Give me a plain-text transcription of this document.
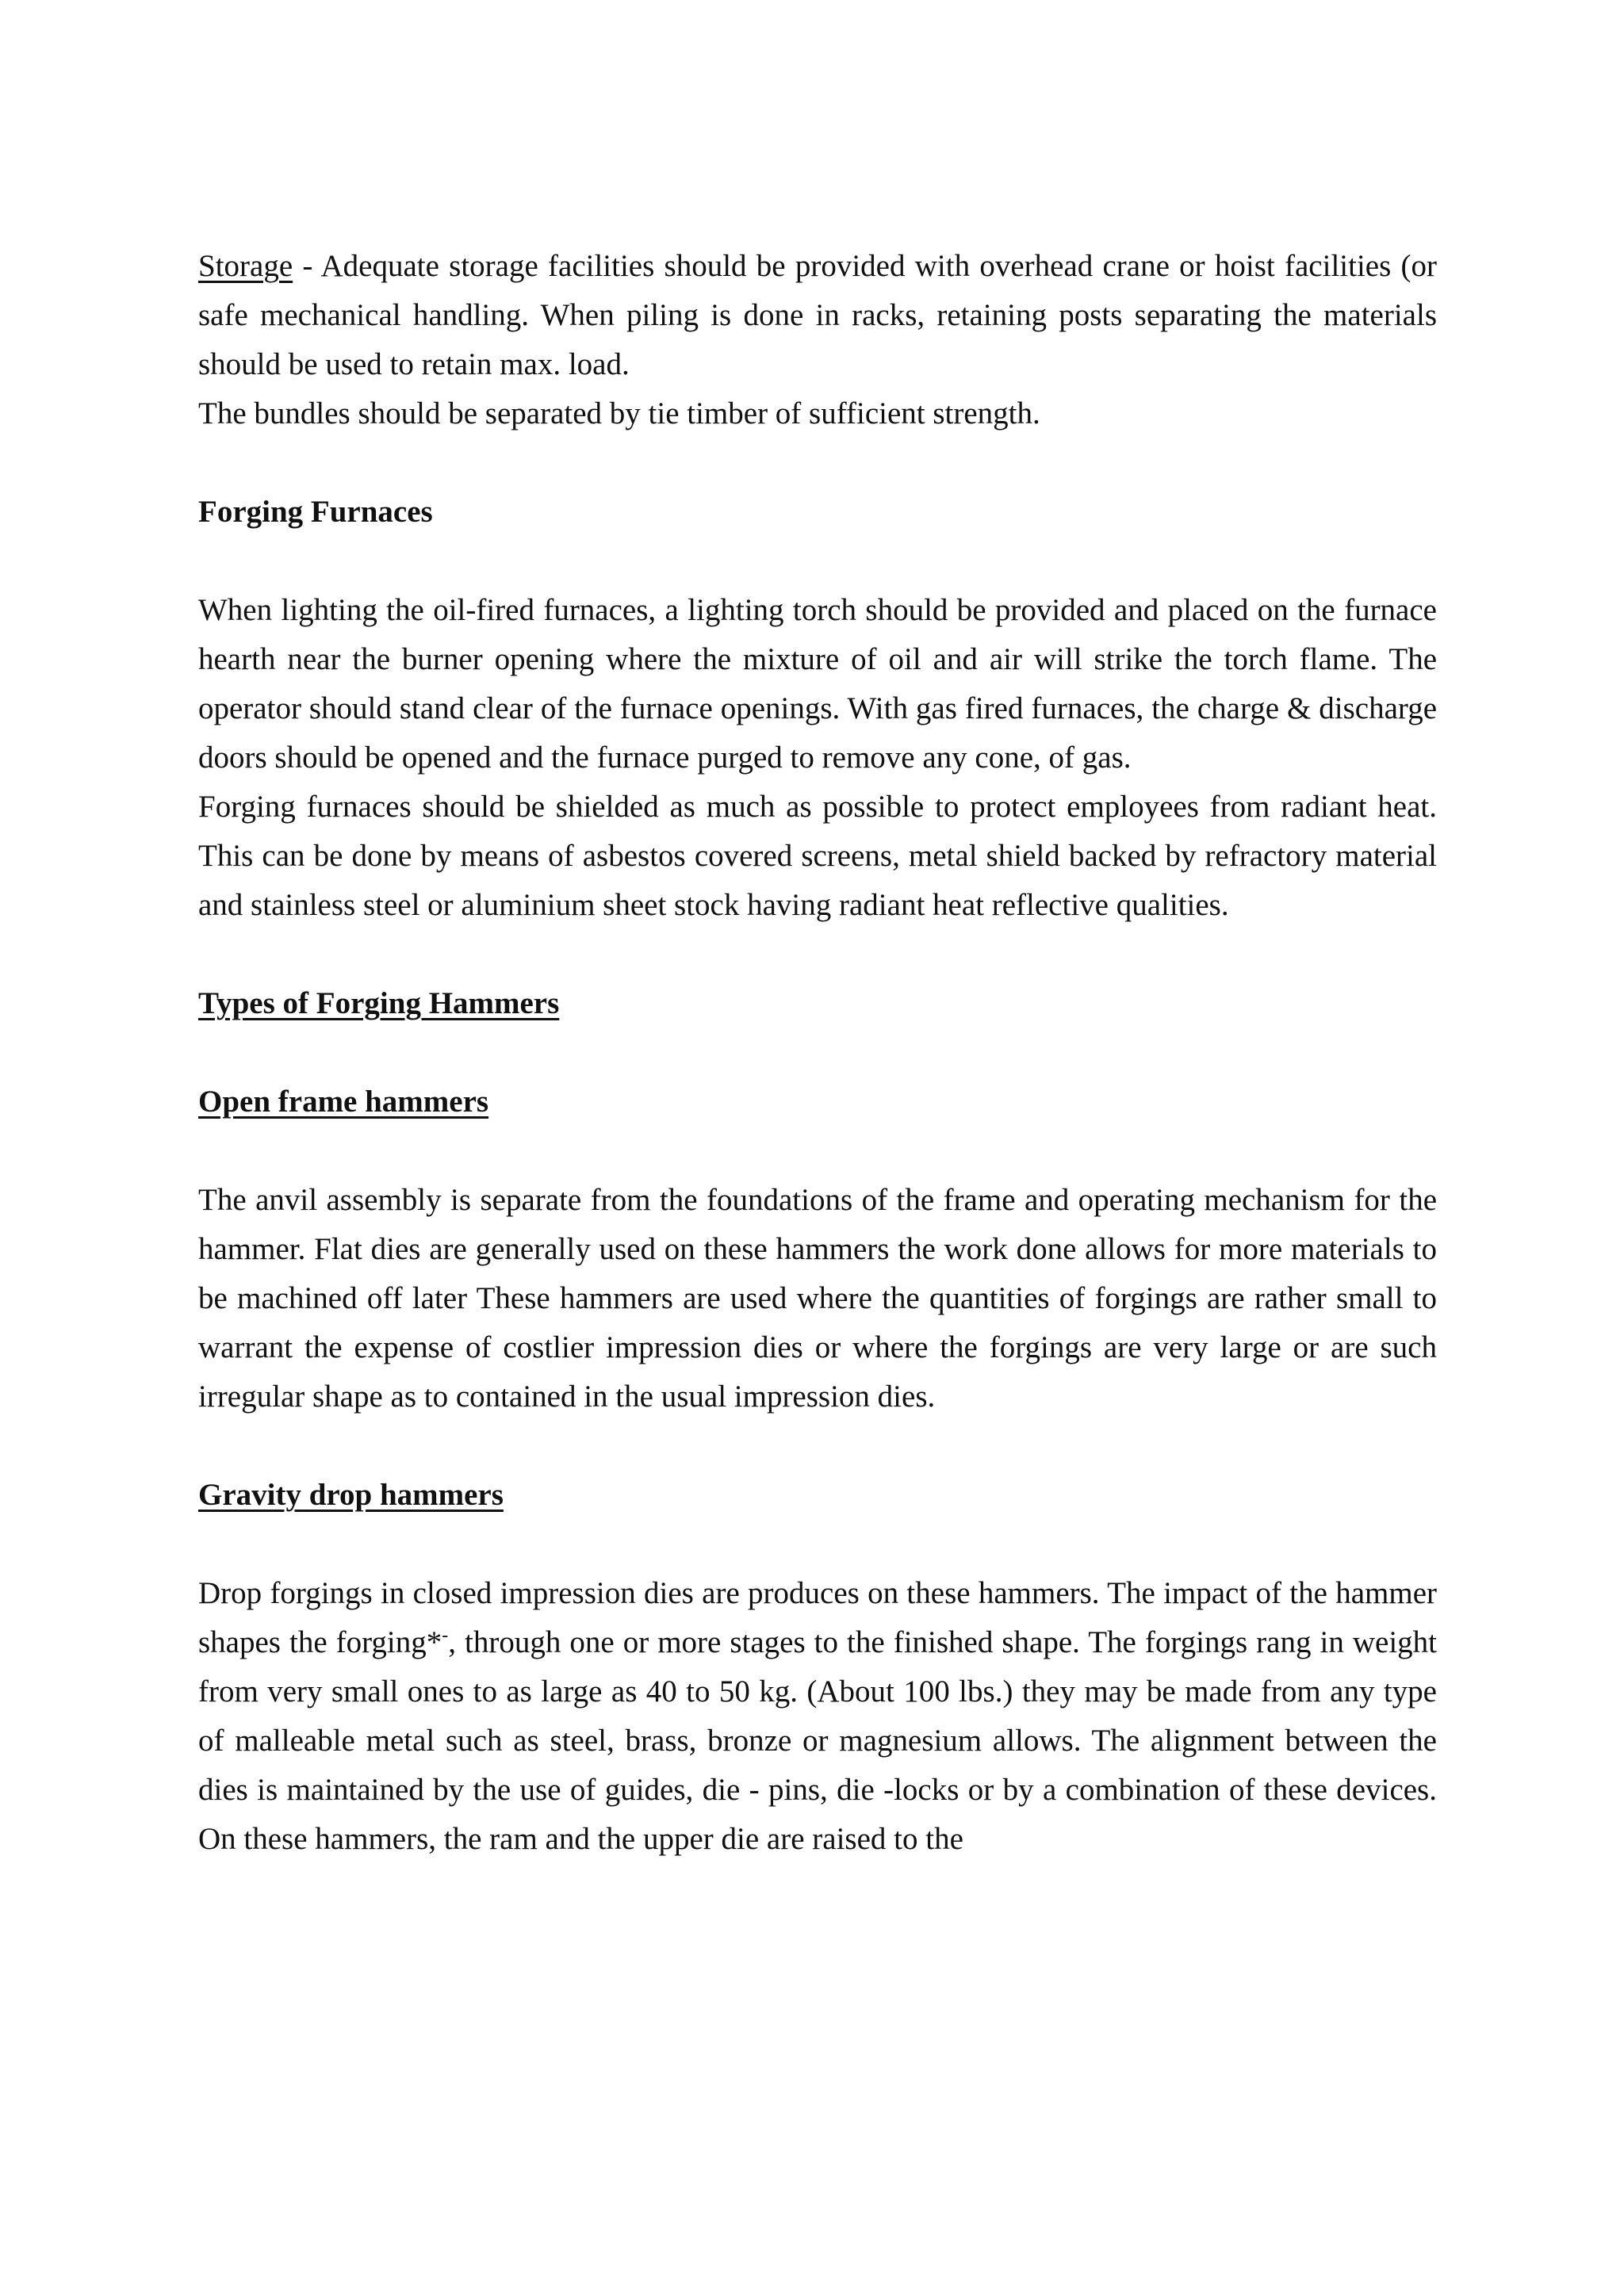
Storage - Adequate storage facilities should be provided with overhead crane or hoist facilities (or safe mechanical handling. When piling is done in racks, retaining posts separating the materials should be used to retain max. load.

The bundles should be separated by tie timber of sufficient strength.

Forging Furnaces

When lighting the oil-fired furnaces, a lighting torch should be provided and placed on the furnace hearth near the burner opening where the mixture of oil and air will strike the torch flame. The operator should stand clear of the furnace openings. With gas fired furnaces, the charge & discharge doors should be opened and the furnace purged to remove any cone, of gas.

Forging furnaces should be shielded as much as possible to protect employees from radiant heat. This can be done by means of asbestos covered screens, metal shield backed by refractory material and stainless steel or aluminium sheet stock having radiant heat reflective qualities.

Types of Forging Hammers

Open frame hammers

The anvil assembly is separate from the foundations of the frame and operating mechanism for the hammer. Flat dies are generally used on these hammers the work done allows for more materials to be machined off later These hammers are used where the quantities of forgings are rather small to warrant the expense of costlier impression dies or where the forgings are very large or are such irregular shape as to contained in the usual impression dies.

Gravity drop hammers

Drop forgings in closed impression dies are produces on these hammers. The impact of the hammer shapes the forging*-, through one or more stages to the finished shape. The forgings rang in weight from very small ones to as large as 40 to 50 kg. (About 100 lbs.) they may be made from any type of malleable metal such as steel, brass, bronze or magnesium allows. The alignment between the dies is maintained by the use of guides, die - pins, die -locks or by a combination of these devices. On these hammers, the ram and the upper die are raised to the
